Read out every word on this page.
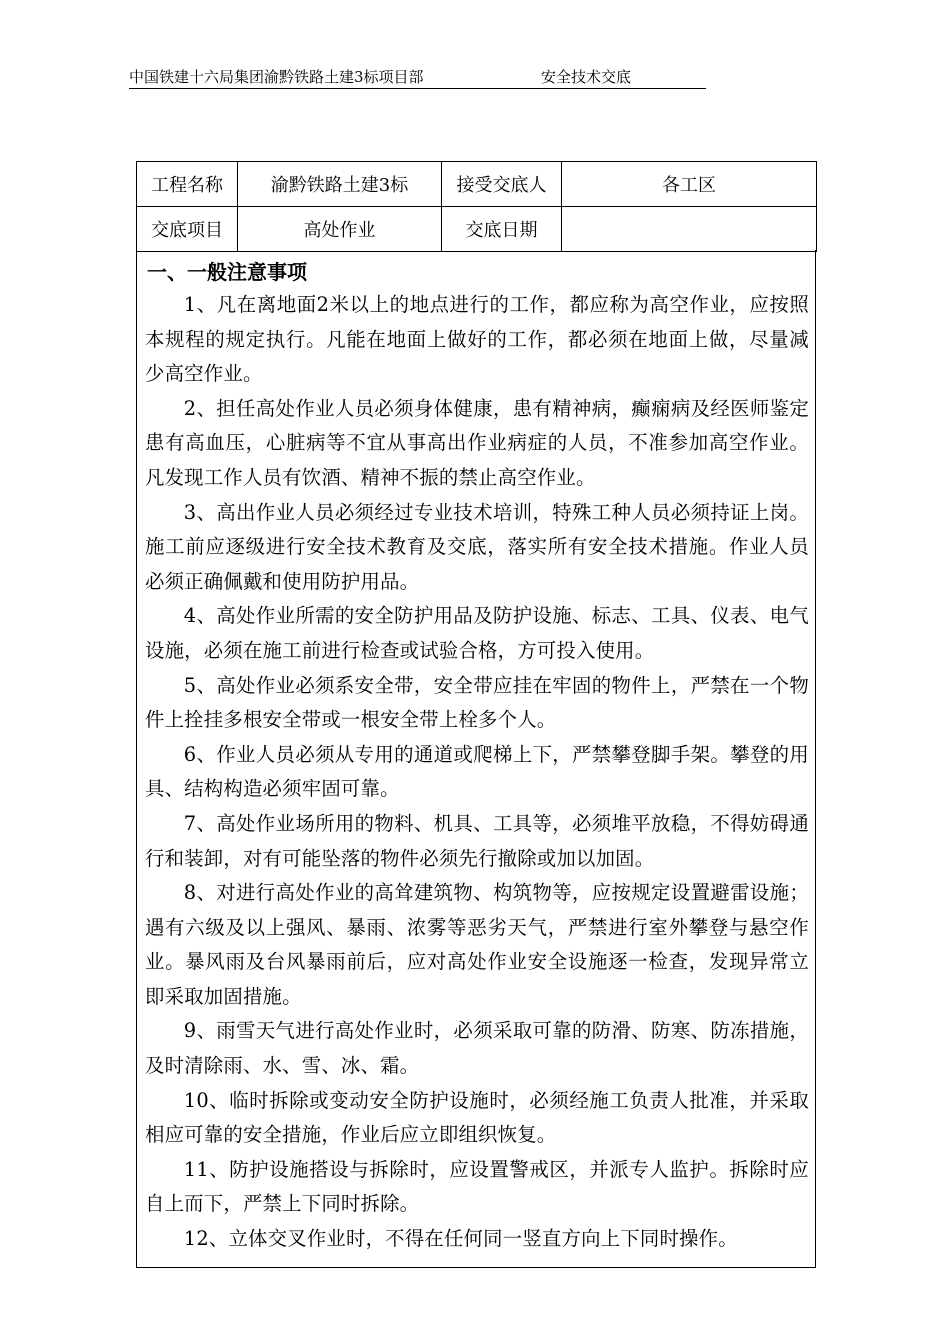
中国铁建十六局集团渝黔铁路土建3标项目部	安全技术交底
工程名称	渝黔铁路土建3标	接受交底人	各工区
交底项目	高处作业	交底日期	
一、一般注意事项

1、凡在离地面2米以上的地点进行的工作，都应称为高空作业，应按照本规程的规定执行。凡能在地面上做好的工作，都必须在地面上做，尽量减少高空作业。

2、担任高处作业人员必须身体健康，患有精神病，癫痫病及经医师鉴定患有高血压，心脏病等不宜从事高出作业病症的人员，不准参加高空作业。凡发现工作人员有饮酒、精神不振的禁止高空作业。

3、高出作业人员必须经过专业技术培训，特殊工种人员必须持证上岗。施工前应逐级进行安全技术教育及交底，落实所有安全技术措施。作业人员必须正确佩戴和使用防护用品。

4、高处作业所需的安全防护用品及防护设施、标志、工具、仪表、电气设施，必须在施工前进行检查或试验合格，方可投入使用。

5、高处作业必须系安全带，安全带应挂在牢固的物件上，严禁在一个物件上拴挂多根安全带或一根安全带上栓多个人。

6、作业人员必须从专用的通道或爬梯上下，严禁攀登脚手架。攀登的用具、结构构造必须牢固可靠。

7、高处作业场所用的物料、机具、工具等，必须堆平放稳，不得妨碍通行和装卸，对有可能坠落的物件必须先行撤除或加以加固。

8、对进行高处作业的高耸建筑物、构筑物等，应按规定设置避雷设施；遇有六级及以上强风、暴雨、浓雾等恶劣天气，严禁进行室外攀登与悬空作业。暴风雨及台风暴雨前后，应对高处作业安全设施逐一检查，发现异常立即采取加固措施。

9、雨雪天气进行高处作业时，必须采取可靠的防滑、防寒、防冻措施，及时清除雨、水、雪、冰、霜。

10、临时拆除或变动安全防护设施时，必须经施工负责人批准，并采取相应可靠的安全措施，作业后应立即组织恢复。

11、防护设施搭设与拆除时，应设置警戒区，并派专人监护。拆除时应自上而下，严禁上下同时拆除。

12、立体交叉作业时，不得在任何同一竖直方向上下同时操作。
